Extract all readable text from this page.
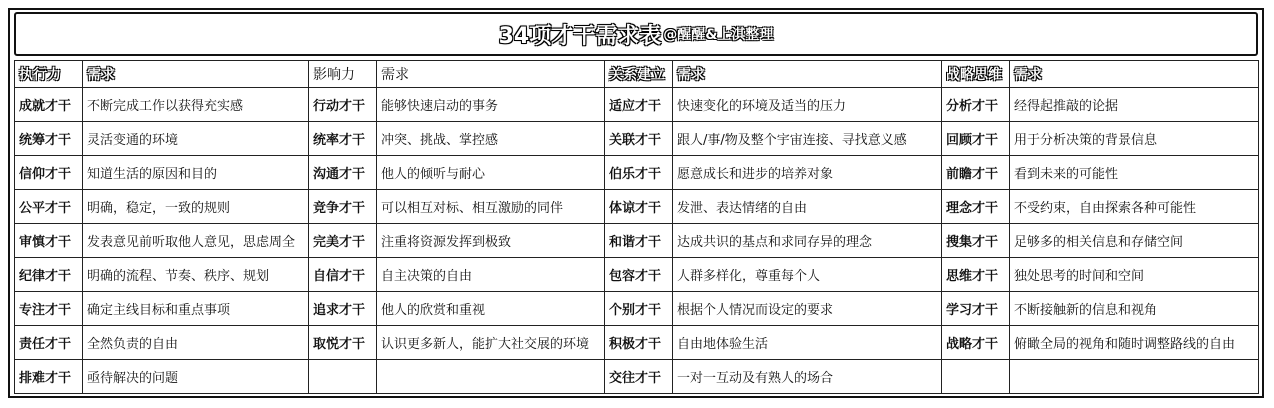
34项才干需求表 @醒醒&上淇整理
执行力	需求	影响力	需求	关系建立	需求	战略思维	需求
成就才干	不断完成工作以获得充实感	行动才干	能够快速启动的事务	适应才干	快速变化的环境及适当的压力	分析才干	经得起推敲的论据
统筹才干	灵活变通的环境	统率才干	冲突、挑战、掌控感	关联才干	跟人/事/物及整个宇宙连接、寻找意义感	回顾才干	用于分析决策的背景信息
信仰才干	知道生活的原因和目的	沟通才干	他人的倾听与耐心	伯乐才干	愿意成长和进步的培养对象	前瞻才干	看到未来的可能性
公平才干	明确，稳定，一致的规则	竞争才干	可以相互对标、相互激励的同伴	体谅才干	发泄、表达情绪的自由	理念才干	不受约束，自由探索各种可能性
审慎才干	发表意见前听取他人意见，思虑周全	完美才干	注重将资源发挥到极致	和谐才干	达成共识的基点和求同存异的理念	搜集才干	足够多的相关信息和存储空间
纪律才干	明确的流程、节奏、秩序、规划	自信才干	自主决策的自由	包容才干	人群多样化，尊重每个人	思维才干	独处思考的时间和空间
专注才干	确定主线目标和重点事项	追求才干	他人的欣赏和重视	个别才干	根据个人情况而设定的要求	学习才干	不断接触新的信息和视角
责任才干	全然负责的自由	取悦才干	认识更多新人，能扩大社交展的环境	积极才干	自由地体验生活	战略才干	俯瞰全局的视角和随时调整路线的自由
排难才干	亟待解决的问题			交往才干	一对一互动及有熟人的场合		
